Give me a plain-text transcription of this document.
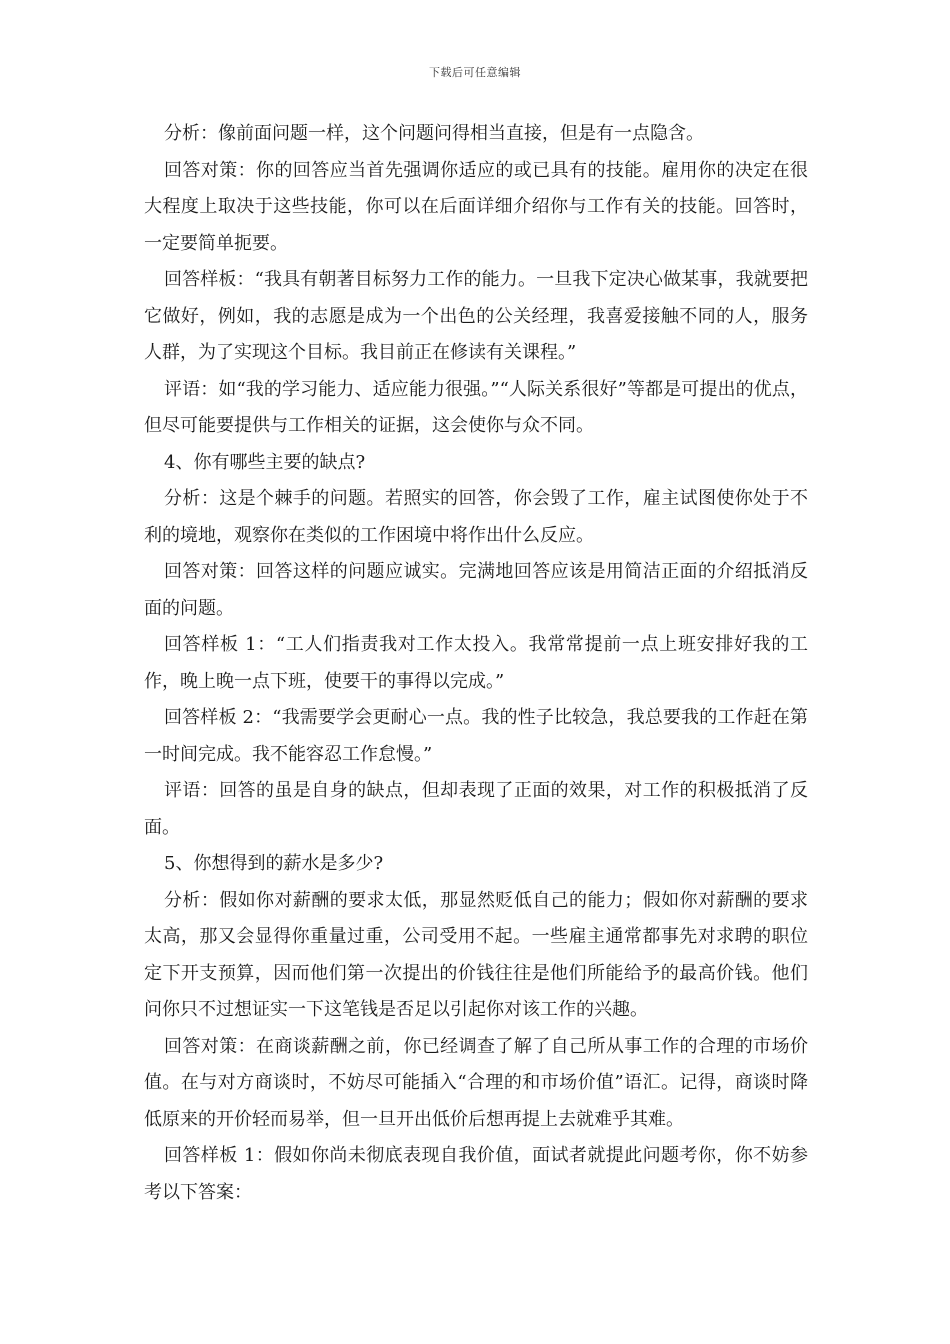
下载后可任意编辑

分析：像前面问题一样，这个问题问得相当直接，但是有一点隐含。

回答对策：你的回答应当首先强调你适应的或已具有的技能。雇用你的决定在很大程度上取决于这些技能，你可以在后面详细介绍你与工作有关的技能。回答时，一定要简单扼要。

回答样板：“我具有朝著目标努力工作的能力。一旦我下定决心做某事，我就要把它做好，例如，我的志愿是成为一个出色的公关经理，我喜爱接触不同的人，服务人群，为了实现这个目标。我目前正在修读有关课程。”

评语：如“我的学习能力、适应能力很强。”“人际关系很好”等都是可提出的优点，但尽可能要提供与工作相关的证据，这会使你与众不同。

4、你有哪些主要的缺点?

分析：这是个棘手的问题。若照实的回答，你会毁了工作，雇主试图使你处于不利的境地，观察你在类似的工作困境中将作出什么反应。

回答对策：回答这样的问题应诚实。完满地回答应该是用简洁正面的介绍抵消反面的问题。

回答样板 1：“工人们指责我对工作太投入。我常常提前一点上班安排好我的工作，晚上晚一点下班，使要干的事得以完成。”

回答样板 2：“我需要学会更耐心一点。我的性子比较急，我总要我的工作赶在第一时间完成。我不能容忍工作怠慢。”

评语：回答的虽是自身的缺点，但却表现了正面的效果，对工作的积极抵消了反面。

5、你想得到的薪水是多少?

分析：假如你对薪酬的要求太低，那显然贬低自己的能力；假如你对薪酬的要求太高，那又会显得你重量过重，公司受用不起。一些雇主通常都事先对求聘的职位定下开支预算，因而他们第一次提出的价钱往往是他们所能给予的最高价钱。他们问你只不过想证实一下这笔钱是否足以引起你对该工作的兴趣。

回答对策：在商谈薪酬之前，你已经调查了解了自己所从事工作的合理的市场价值。在与对方商谈时，不妨尽可能插入“合理的和市场价值”语汇。记得，商谈时降低原来的开价轻而易举，但一旦开出低价后想再提上去就难乎其难。

回答样板 1：假如你尚未彻底表现自我价值，面试者就提此问题考你，你不妨参考以下答案：
